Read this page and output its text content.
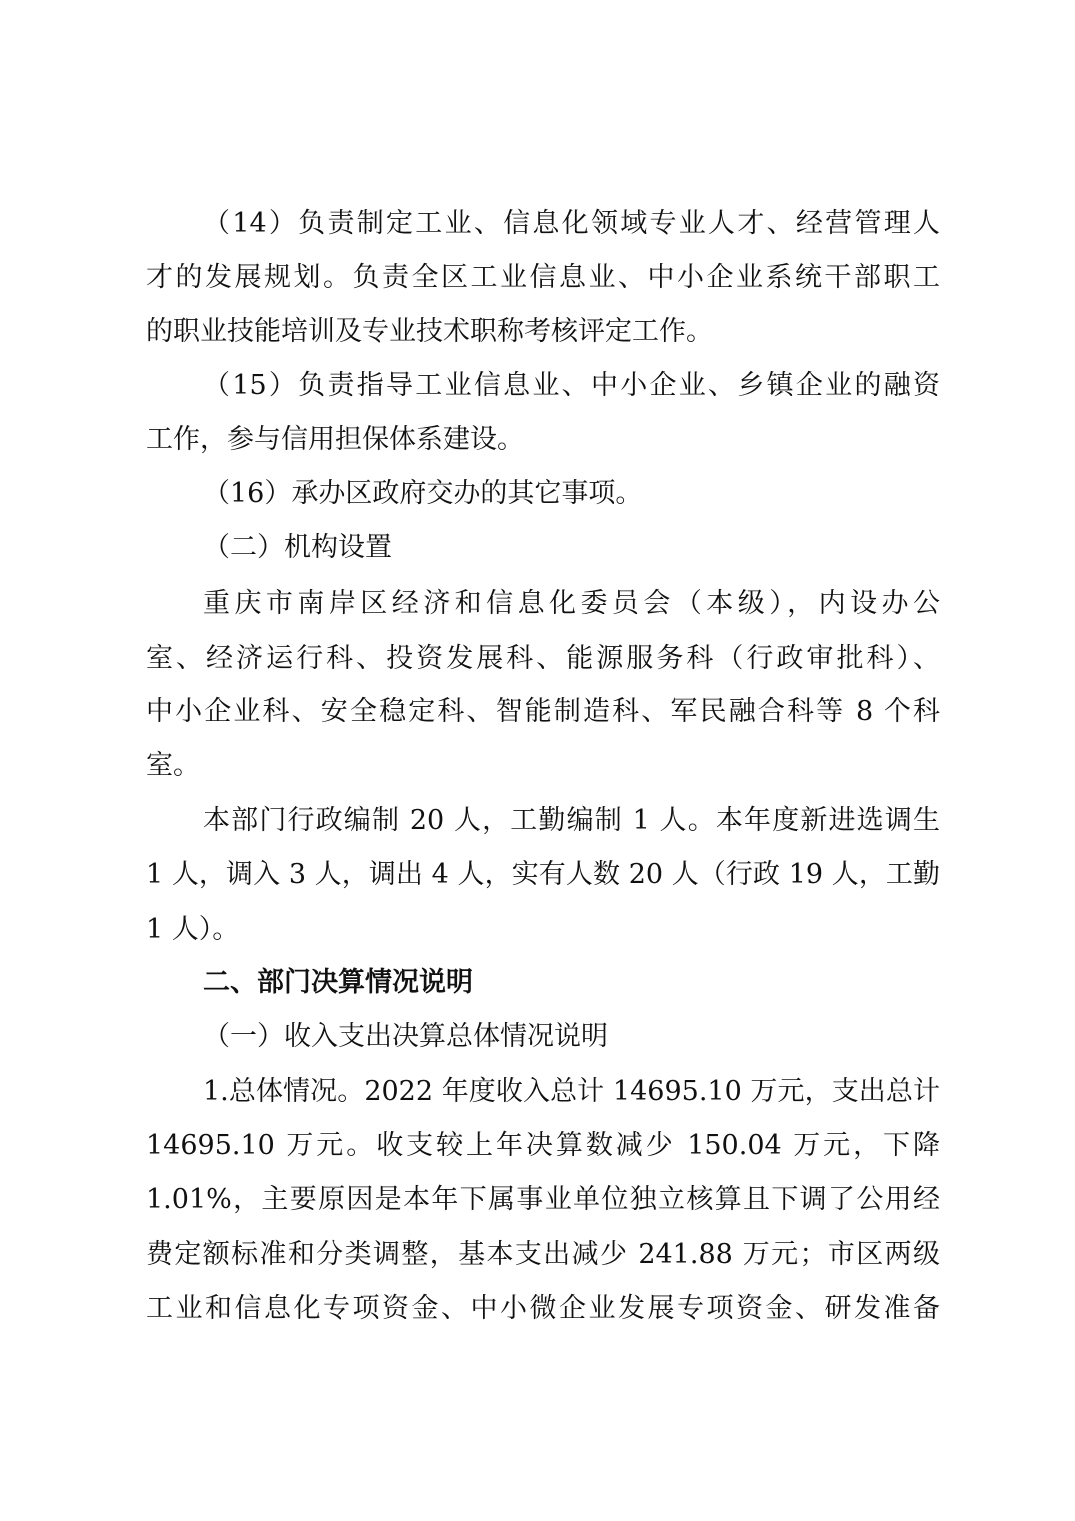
（14）负责制定工业、信息化领域专业人才、经营管理人
才的发展规划。负责全区工业信息业、中小企业系统干部职工
的职业技能培训及专业技术职称考核评定工作。
（15）负责指导工业信息业、中小企业、乡镇企业的融资
工作，参与信用担保体系建设。
（16）承办区政府交办的其它事项。
（二）机构设置
重庆市南岸区经济和信息化委员会（本级），内设办公
室、经济运行科、投资发展科、能源服务科（行政审批科）、
中小企业科、安全稳定科、智能制造科、军民融合科等 8 个科
室。
本部门行政编制 20 人，工勤编制 1 人。本年度新进选调生
1 人，调入 3 人，调出 4 人，实有人数 20 人（行政 19 人，工勤
1 人）。
二、部门决算情况说明
（一）收入支出决算总体情况说明
1.总体情况。2022 年度收入总计 14695.10 万元，支出总计
14695.10 万元。收支较上年决算数减少 150.04 万元，下降
1.01%，主要原因是本年下属事业单位独立核算且下调了公用经
费定额标准和分类调整，基本支出减少 241.88 万元；市区两级
工业和信息化专项资金、中小微企业发展专项资金、研发准备
